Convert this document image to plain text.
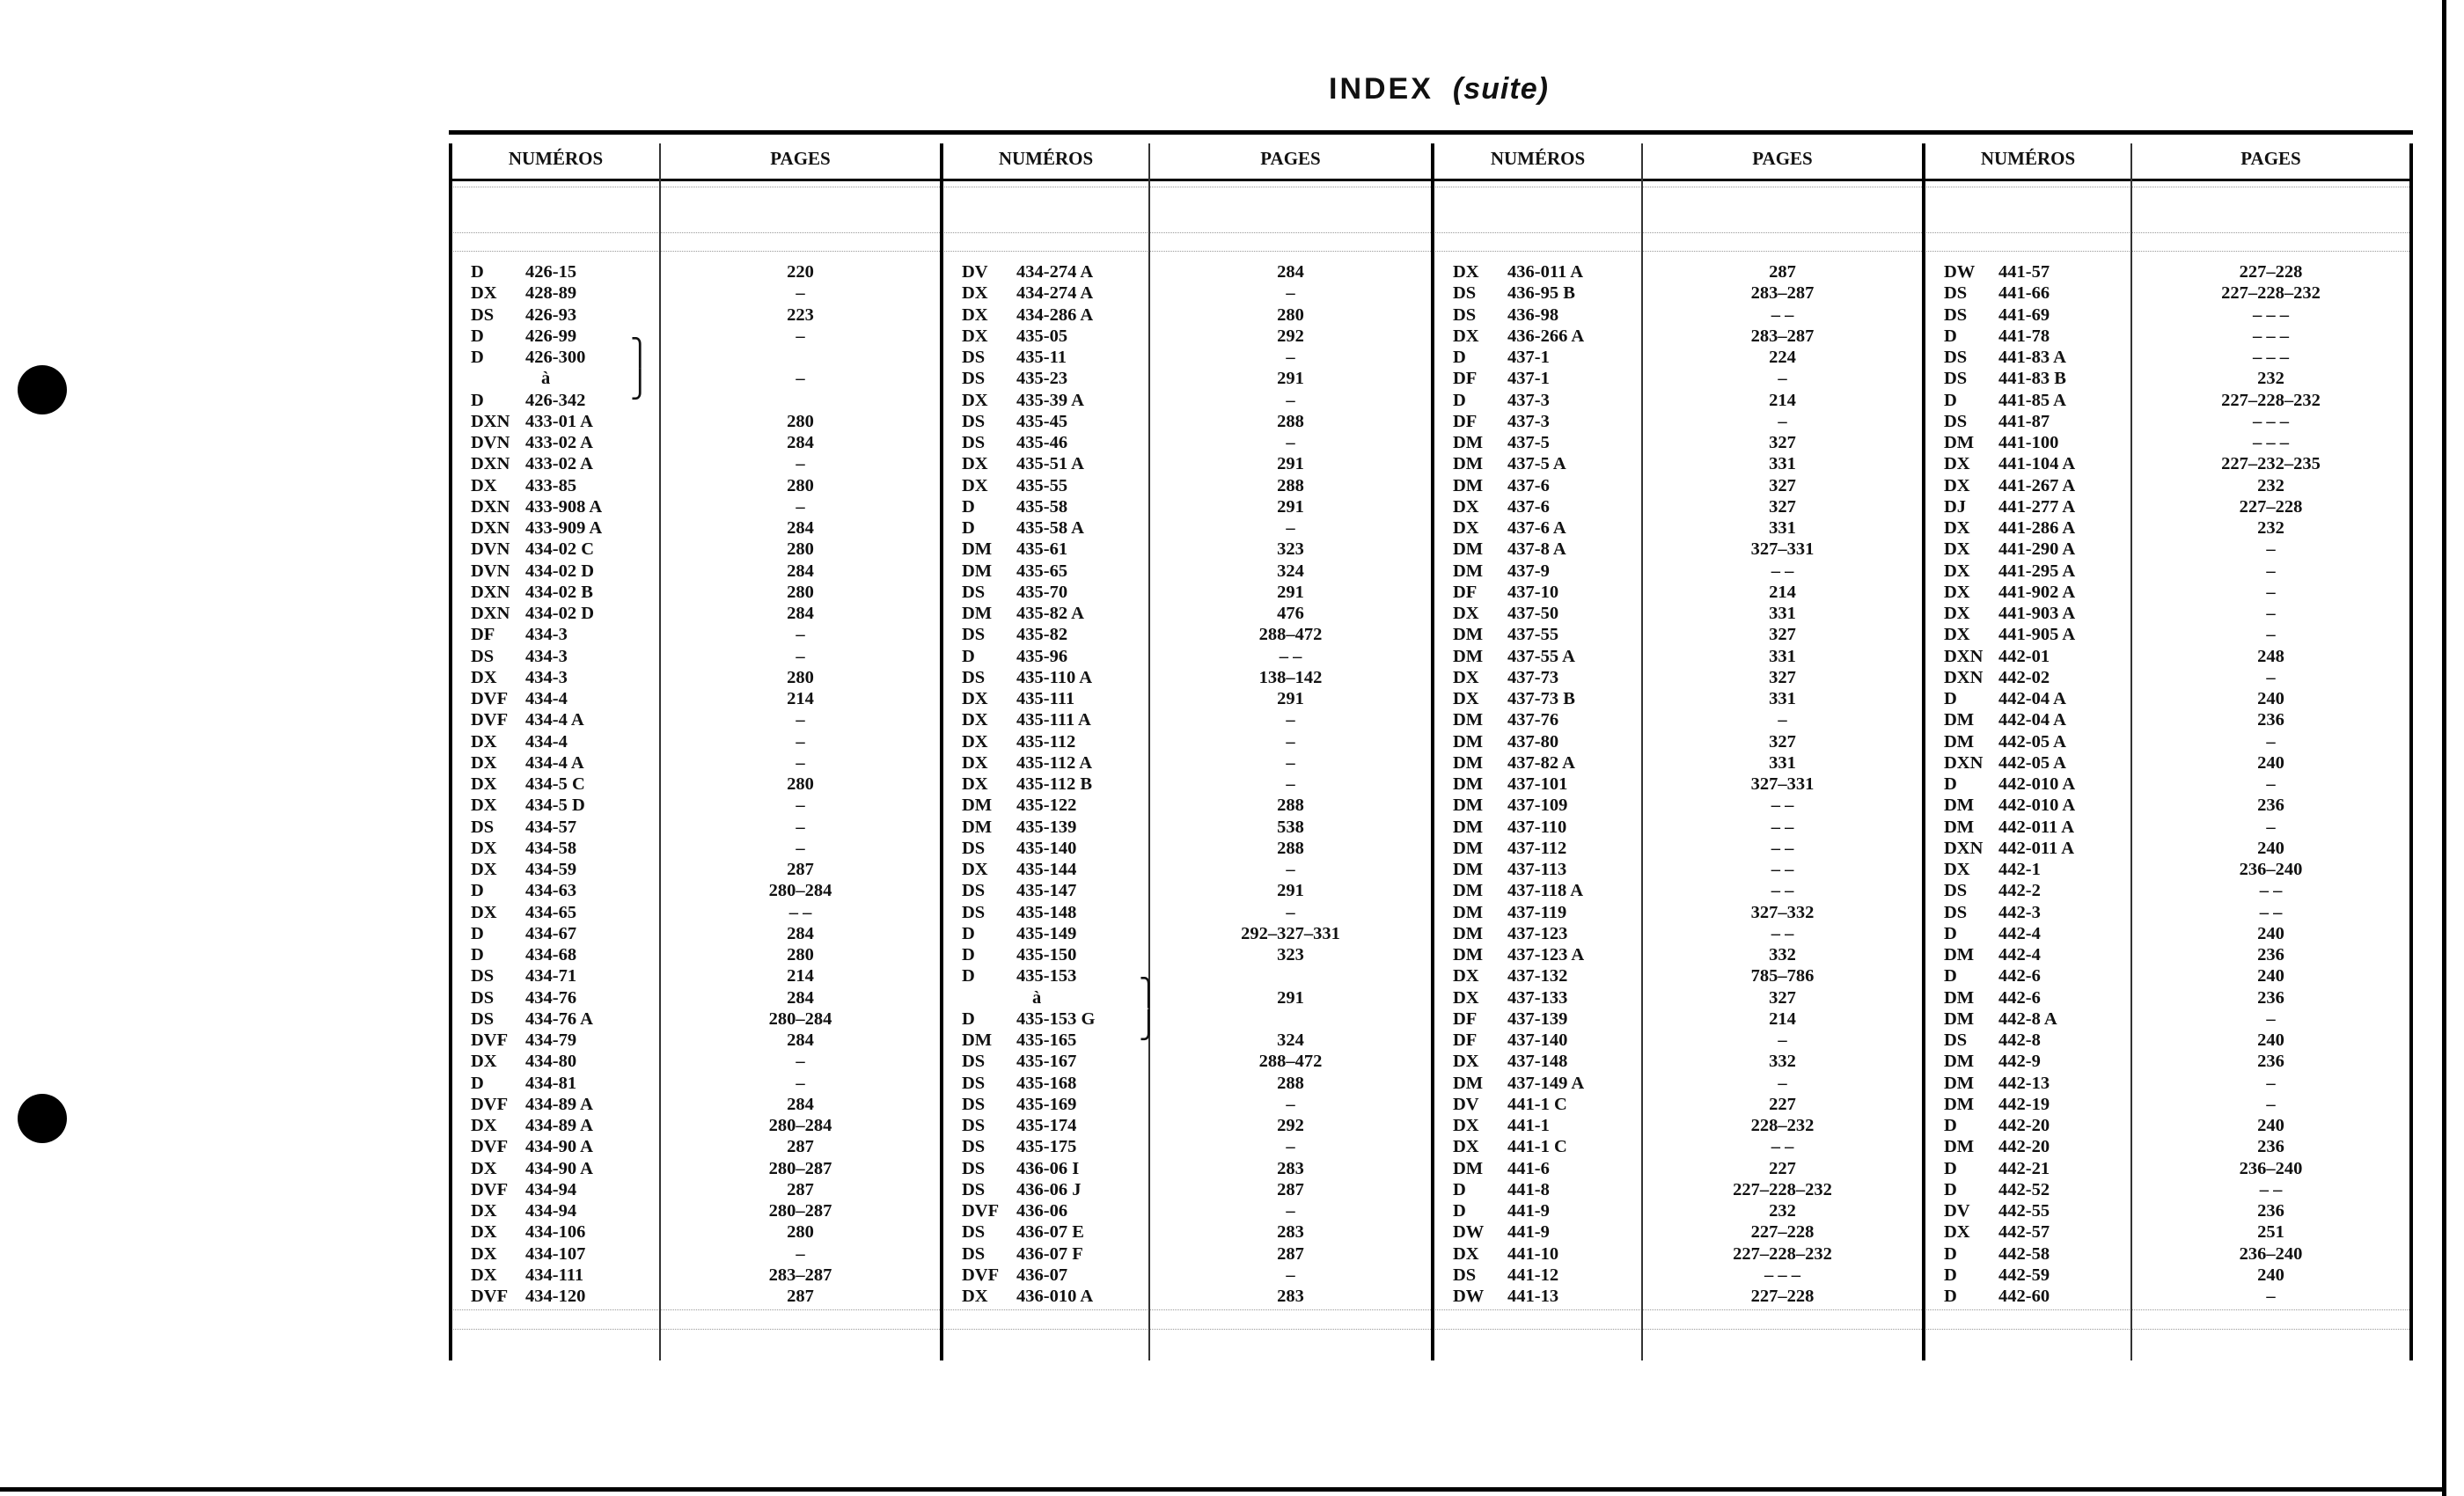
INDEX (suite)
NUMÉROS	PAGES	NUMÉROS	PAGES	NUMÉROS	PAGES	NUMÉROS	PAGES
D 426-15	220
DX 428-89	–
DS 426-93	223
D 426-99	–
D 426-300
à	–
D 426-342
DXN 433-01 A	280
DVN 433-02 A	284
DXN 433-02 A	–
DX 433-85	280
DXN 433-908 A	–
DXN 433-909 A	284
DVN 434-02 C	280
DVN 434-02 D	284
DXN 434-02 B	280
DXN 434-02 D	284
DF 434-3	–
DS 434-3	–
DX 434-3	280
DVF 434-4	214
DVF 434-4 A	–
DX 434-4	–
DX 434-4 A	–
DX 434-5 C	280
DX 434-5 D	–
DS 434-57	–
DX 434-58	–
DX 434-59	287
D 434-63	280–284
DX 434-65	– –
D 434-67	284
D 434-68	280
DS 434-71	214
DS 434-76	284
DS 434-76 A	280–284
DVF 434-79	284
DX 434-80	–
D 434-81	–
DVF 434-89 A	284
DX 434-89 A	280–284
DVF 434-90 A	287
DX 434-90 A	280–287
DVF 434-94	287
DX 434-94	280–287
DX 434-106	280
DX 434-107	–
DX 434-111	283–287
DVF 434-120	287
DV 434-274 A	284
DX 434-274 A	–
DX 434-286 A	280
DX 435-05	292
DS 435-11	–
DS 435-23	291
DX 435-39 A	–
DS 435-45	288
DS 435-46	–
DX 435-51 A	291
DX 435-55	288
D 435-58	291
D 435-58 A	–
DM 435-61	323
DM 435-65	324
DS 435-70	291
DM 435-82 A	476
DS 435-82	288–472
D 435-96	– –
DS 435-110 A	138–142
DX 435-111	291
DX 435-111 A	–
DX 435-112	–
DX 435-112 A	–
DX 435-112 B	–
DM 435-122	288
DM 435-139	538
DS 435-140	288
DX 435-144	–
DS 435-147	291
DS 435-148	–
D 435-149	292–327–331
D 435-150	323
D 435-153
à	291
D 435-153 G
DM 435-165	324
DS 435-167	288–472
DS 435-168	288
DS 435-169	–
DS 435-174	292
DS 435-175	–
DS 436-06 I	283
DS 436-06 J	287
DVF 436-06	–
DS 436-07 E	283
DS 436-07 F	287
DVF 436-07	–
DX 436-010 A	283
DX 436-011 A	287
DS 436-95 B	283–287
DS 436-98	– –
DX 436-266 A	283–287
D 437-1	224
DF 437-1	–
D 437-3	214
DF 437-3	–
DM 437-5	327
DM 437-5 A	331
DM 437-6	327
DX 437-6	327
DX 437-6 A	331
DM 437-8 A	327–331
DM 437-9	– –
DF 437-10	214
DX 437-50	331
DM 437-55	327
DM 437-55 A	331
DX 437-73	327
DX 437-73 B	331
DM 437-76	–
DM 437-80	327
DM 437-82 A	331
DM 437-101	327–331
DM 437-109	– –
DM 437-110	– –
DM 437-112	– –
DM 437-113	– –
DM 437-118 A	– –
DM 437-119	327–332
DM 437-123	– –
DM 437-123 A	332
DX 437-132	785–786
DX 437-133	327
DF 437-139	214
DF 437-140	–
DX 437-148	332
DM 437-149 A	–
DV 441-1 C	227
DX 441-1	228–232
DX 441-1 C	– –
DM 441-6	227
D 441-8	227–228–232
D 441-9	232
DW 441-9	227–228
DX 441-10	227–228–232
DS 441-12	– – –
DW 441-13	227–228
DW 441-57	227–228
DS 441-66	227–228–232
DS 441-69	– – –
D 441-78	– – –
DS 441-83 A	– – –
DS 441-83 B	232
D 441-85 A	227–228–232
DS 441-87	– – –
DM 441-100	– – –
DX 441-104 A	227–232–235
DX 441-267 A	232
DJ 441-277 A	227–228
DX 441-286 A	232
DX 441-290 A	–
DX 441-295 A	–
DX 441-902 A	–
DX 441-903 A	–
DX 441-905 A	–
DXN 442-01	248
DXN 442-02	–
D 442-04 A	240
DM 442-04 A	236
DM 442-05 A	–
DXN 442-05 A	240
D 442-010 A	–
DM 442-010 A	236
DM 442-011 A	–
DXN 442-011 A	240
DX 442-1	236–240
DS 442-2	– –
DS 442-3	– –
D 442-4	240
DM 442-4	236
D 442-6	240
DM 442-6	236
DM 442-8 A	–
DS 442-8	240
DM 442-9	236
DM 442-13	–
DM 442-19	–
D 442-20	240
DM 442-20	236
D 442-21	236–240
D 442-52	– –
DV 442-55	236
DX 442-57	251
D 442-58	236–240
D 442-59	240
D 442-60	–
⎫
⎭
⎫
⎭
